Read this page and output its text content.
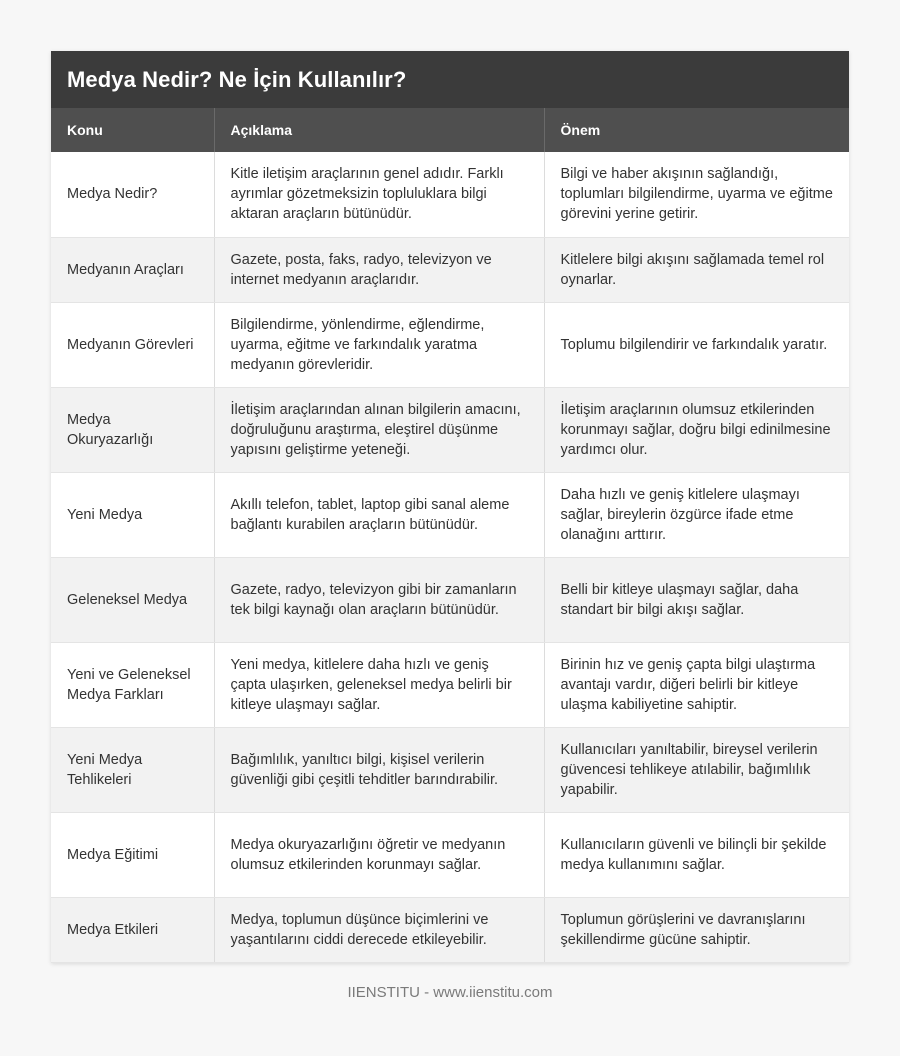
Medya Nedir? Ne İçin Kullanılır?
Konu	Açıklama	Önem
Medya Nedir?	Kitle iletişim araçlarının genel adıdır. Farklı ayrımlar gözetmeksizin topluluklara bilgi aktaran araçların bütünüdür.	Bilgi ve haber akışının sağlandığı, toplumları bilgilendirme, uyarma ve eğitme görevini yerine getirir.
Medyanın Araçları	Gazete, posta, faks, radyo, televizyon ve internet medyanın araçlarıdır.	Kitlelere bilgi akışını sağlamada temel rol oynarlar.
Medyanın Görevleri	Bilgilendirme, yönlendirme, eğlendirme, uyarma, eğitme ve farkındalık yaratma medyanın görevleridir.	Toplumu bilgilendirir ve farkındalık yaratır.
Medya Okuryazarlığı	İletişim araçlarından alınan bilgilerin amacını, doğruluğunu araştırma, eleştirel düşünme yapısını geliştirme yeteneği.	İletişim araçlarının olumsuz etkilerinden korunmayı sağlar, doğru bilgi edinilmesine yardımcı olur.
Yeni Medya	Akıllı telefon, tablet, laptop gibi sanal aleme bağlantı kurabilen araçların bütünüdür.	Daha hızlı ve geniş kitlelere ulaşmayı sağlar, bireylerin özgürce ifade etme olanağını arttırır.
Geleneksel Medya	Gazete, radyo, televizyon gibi bir zamanların tek bilgi kaynağı olan araçların bütünüdür.	Belli bir kitleye ulaşmayı sağlar, daha standart bir bilgi akışı sağlar.
Yeni ve Geleneksel Medya Farkları	Yeni medya, kitlelere daha hızlı ve geniş çapta ulaşırken, geleneksel medya belirli bir kitleye ulaşmayı sağlar.	Birinin hız ve geniş çapta bilgi ulaştırma avantajı vardır, diğeri belirli bir kitleye ulaşma kabiliyetine sahiptir.
Yeni Medya Tehlikeleri	Bağımlılık, yanıltıcı bilgi, kişisel verilerin güvenliği gibi çeşitli tehditler barındırabilir.	Kullanıcıları yanıltabilir, bireysel verilerin güvencesi tehlikeye atılabilir, bağımlılık yapabilir.
Medya Eğitimi	Medya okuryazarlığını öğretir ve medyanın olumsuz etkilerinden korunmayı sağlar.	Kullanıcıların güvenli ve bilinçli bir şekilde medya kullanımını sağlar.
Medya Etkileri	Medya, toplumun düşünce biçimlerini ve yaşantılarını ciddi derecede etkileyebilir.	Toplumun görüşlerini ve davranışlarını şekillendirme gücüne sahiptir.
IIENSTITU - www.iienstitu.com
